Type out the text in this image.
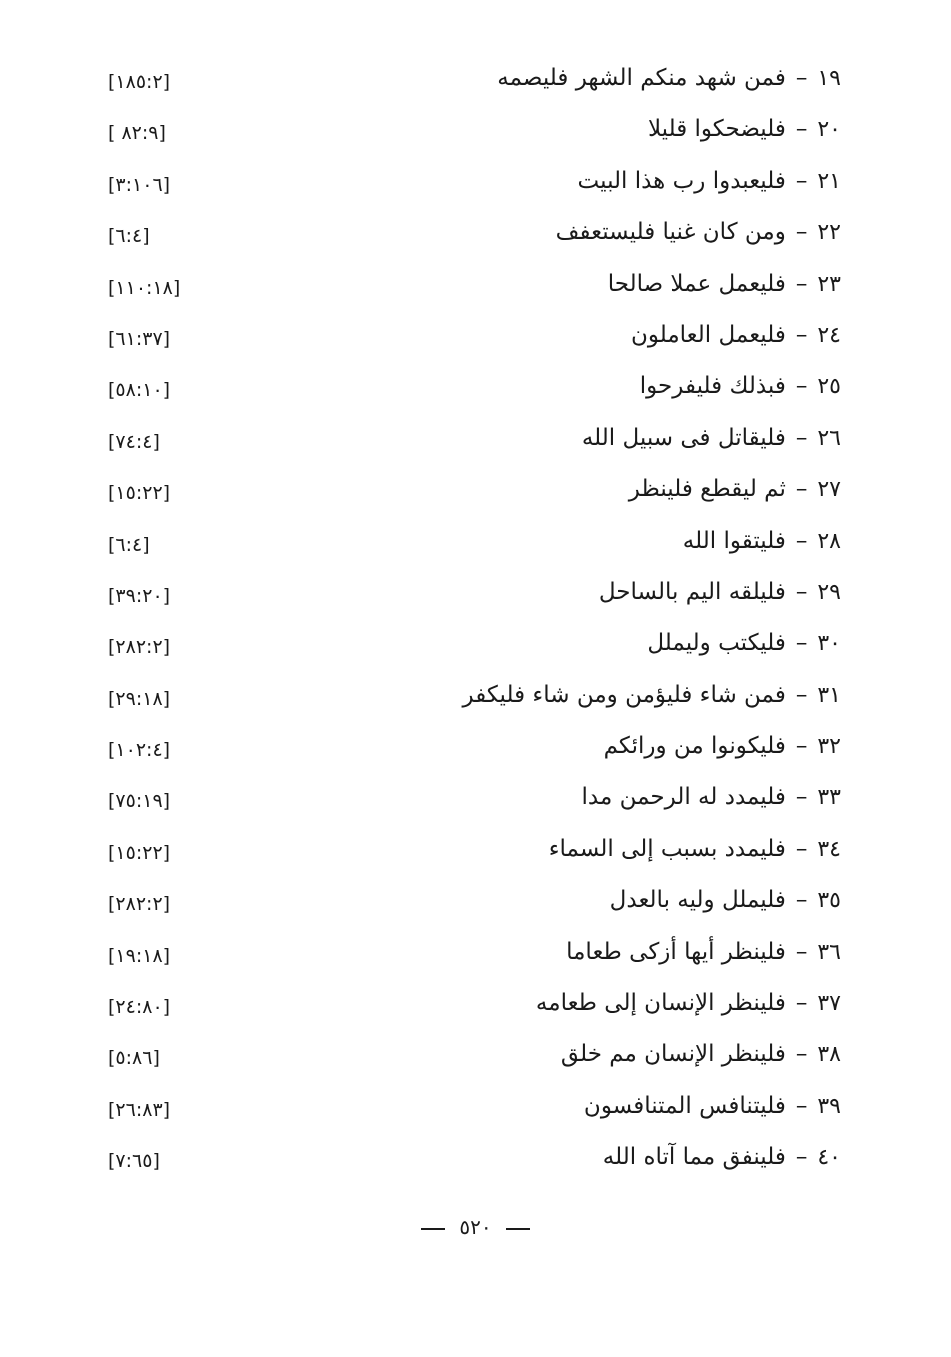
١٩–فمن شهد منكم الشهر فليصمه
[١٨٥:٢]
٢٠–فليضحكوا قليلا
[ ٨٢:٩]
٢١–فليعبدوا رب هذا البيت
[٣:١٠٦]
٢٢–ومن كان غنيا فليستعفف
[٦:٤]
٢٣–فليعمل عملا صالحا
[١١٠:١٨]
٢٤–فليعمل العاملون
[٦١:٣٧]
٢٥–فبذلك فليفرحوا
[٥٨:١٠]
٢٦–فليقاتل فى سبيل الله
[٧٤:٤]
٢٧–ثم ليقطع فلينظر
[١٥:٢٢]
٢٨–فليتقوا الله
[٦:٤]
٢٩–فليلقه اليم بالساحل
[٣٩:٢٠]
٣٠–فليكتب وليملل
[٢٨٢:٢]
٣١–فمن شاء فليؤمن ومن شاء فليكفر
[٢٩:١٨]
٣٢–فليكونوا من ورائكم
[١٠٢:٤]
٣٣–فليمدد له الرحمن مدا
[٧٥:١٩]
٣٤–فليمدد بسبب إلى السماء
[١٥:٢٢]
٣٥–فليملل وليه بالعدل
[٢٨٢:٢]
٣٦–فلينظر أيها أزكى طعاما
[١٩:١٨]
٣٧–فلينظر الإنسان إلى طعامه
[٢٤:٨٠]
٣٨–فلينظر الإنسان مم خلق
[٥:٨٦]
٣٩–فليتنافس المتنافسون
[٢٦:٨٣]
٤٠–فلينفق مما آتاه الله
[٧:٦٥]
٥٢٠
